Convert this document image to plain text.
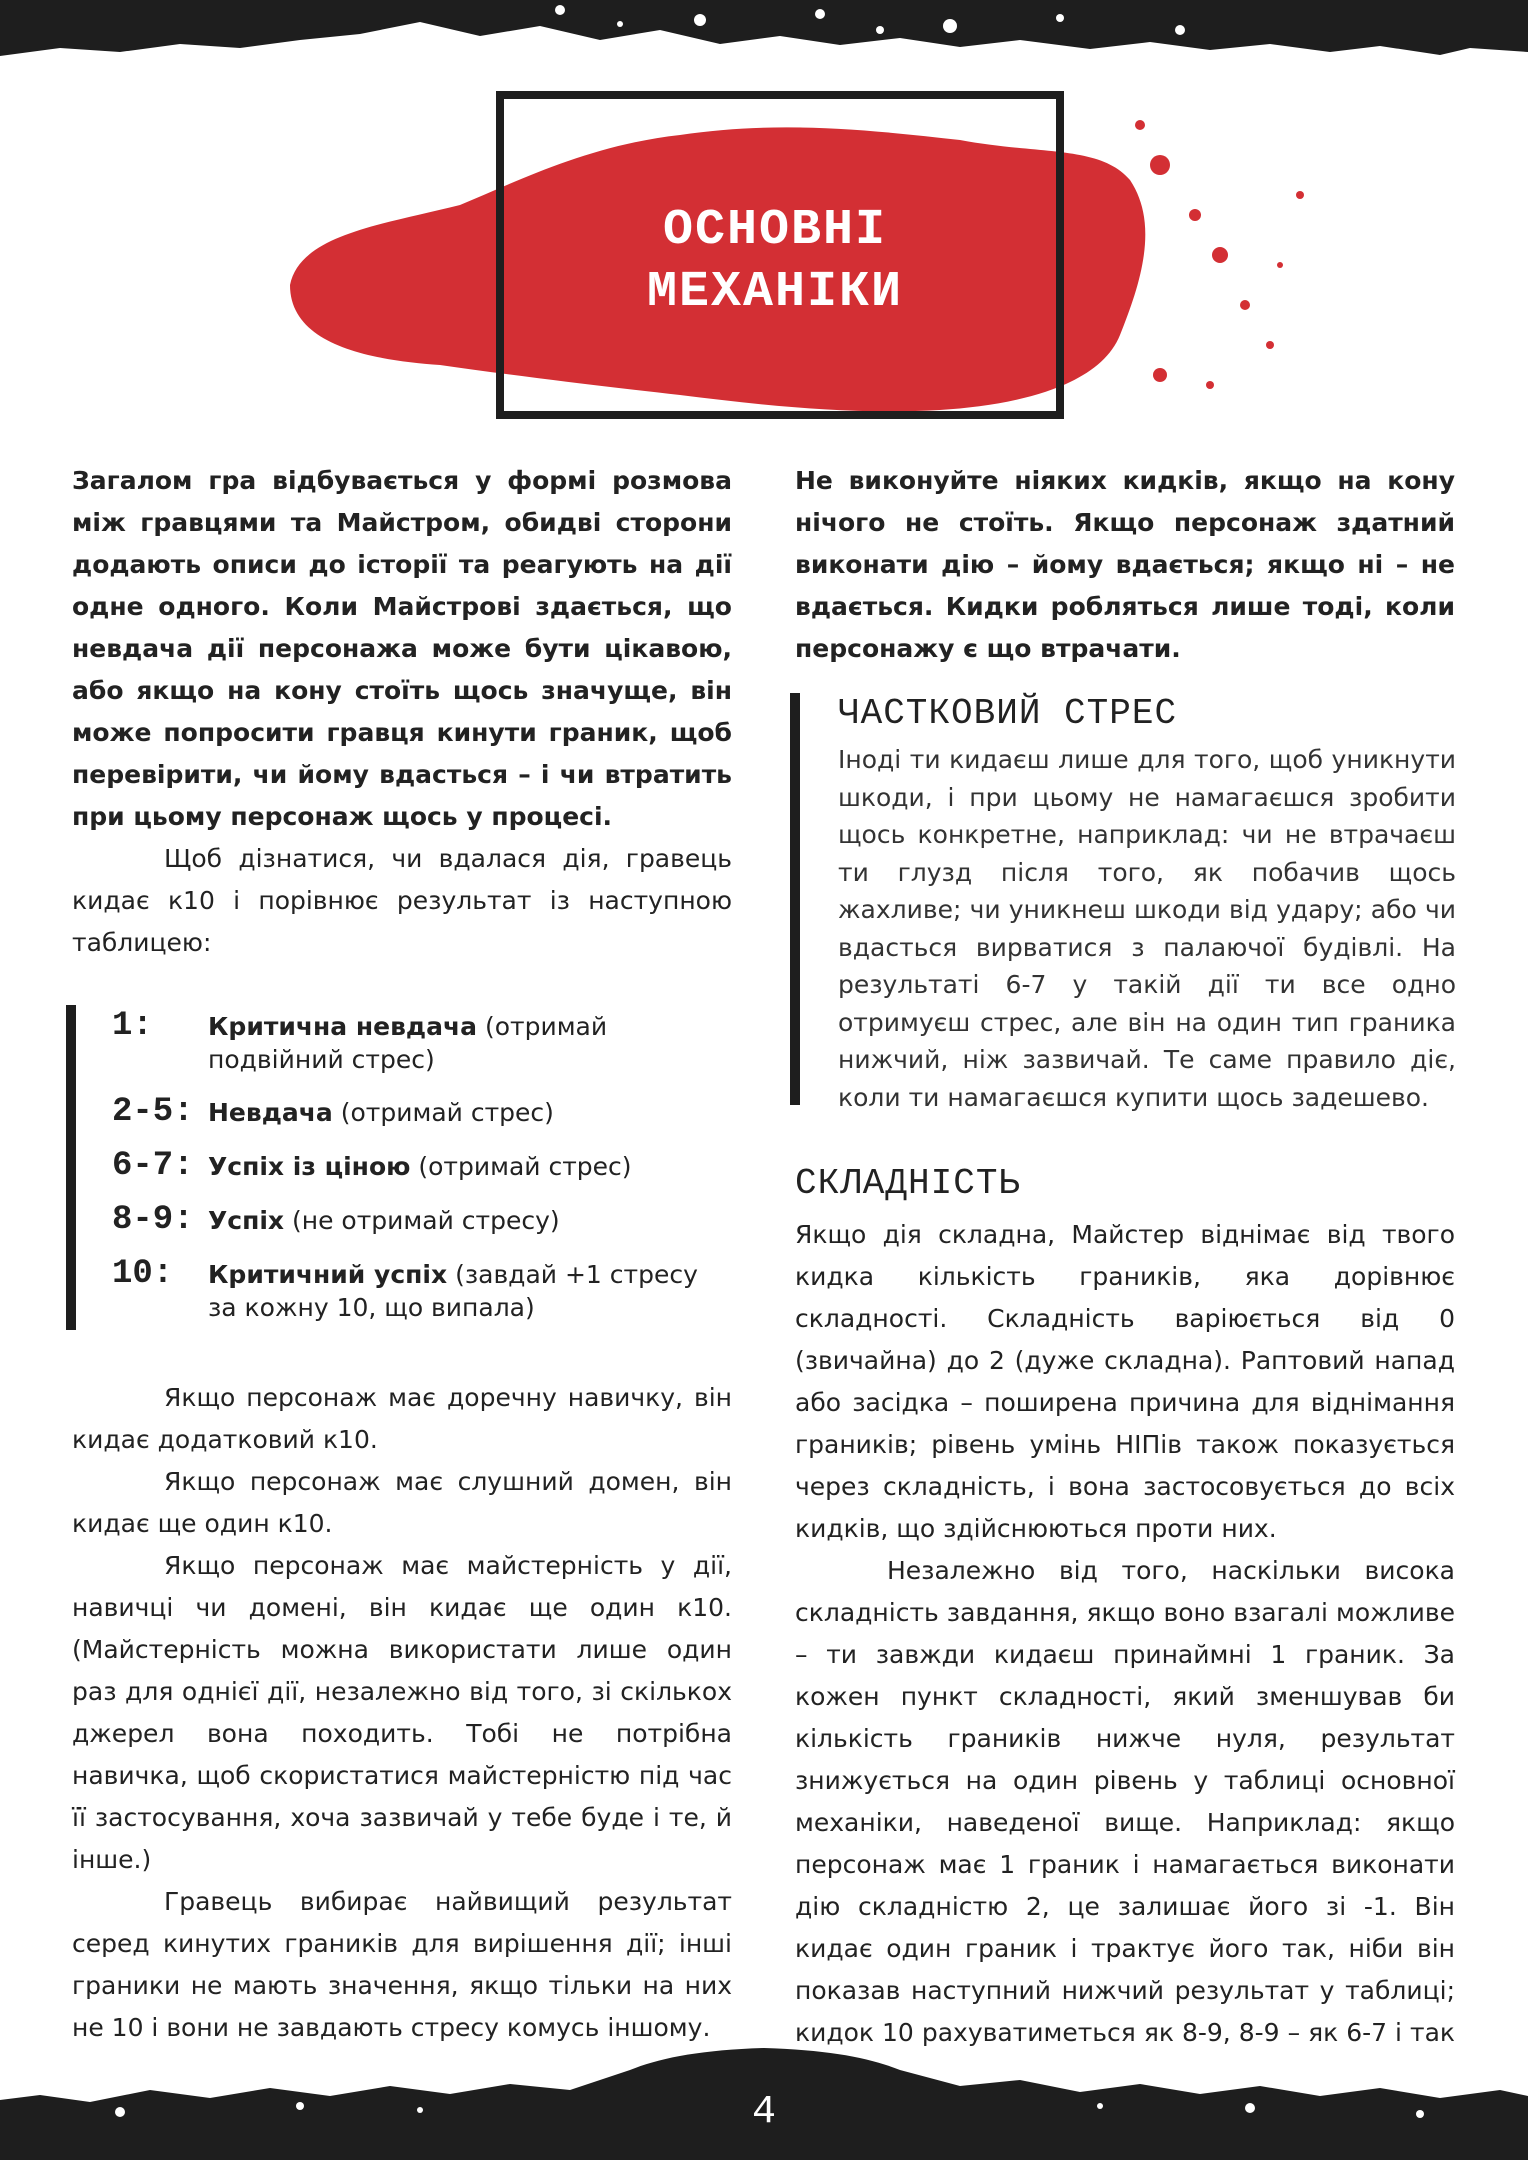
ОСНОВНІ
МЕХАНІКИ

Загалом гра відбувається у формі розмова між гравцями та Майстром, обидві сторони додають описи до історії та реагують на дії одне одного. Коли Майстрові здається, що невдача дії персонажа може бути цікавою, або якщо на кону стоїть щось значуще, він може попросити гравця кинути граник, щоб перевірити, чи йому вдасться – і чи втратить при цьому персонаж щось у процесі.

Щоб дізнатися, чи вдалася дія, гравець кидає к10 і порівнює результат із наступною таблицею:

1: Критична невдача (отримай подвійний стрес)
2-5: Невдача (отримай стрес)
6-7: Успіх із ціною (отримай стрес)
8-9: Успіх (не отримай стресу)
10: Критичний успіх (завдай +1 стресу за кожну 10, що випала)

Якщо персонаж має доречну навичку, він кидає додатковий к10.

Якщо персонаж має слушний домен, він кидає ще один к10.

Якщо персонаж має майстерність у дії, навичці чи домені, він кидає ще один к10. (Майстерність можна використати лише один раз для однієї дії, незалежно від того, зі скількох джерел вона походить. Тобі не потрібна навичка, щоб скористатися майстерністю під час її застосування, хоча зазвичай у тебе буде і те, й інше.)

Гравець вибирає найвищий результат серед кинутих граників для вирішення дії; інші граники не мають значення, якщо тільки на них не 10 і вони не завдають стресу комусь іншому.

Не виконуйте ніяких кидків, якщо на кону нічого не стоїть. Якщо персонаж здатний виконати дію – йому вдається; якщо ні – не вдається. Кидки робляться лише тоді, коли персонажу є що втрачати.

ЧАСТКОВИЙ СТРЕС
Іноді ти кидаєш лише для того, щоб уникнути шкоди, і при цьому не намагаєшся зробити щось конкретне, наприклад: чи не втрачаєш ти глузд після того, як побачив щось жахливе; чи уникнеш шкоди від удару; або чи вдасться вирватися з палаючої будівлі. На результаті 6-7 у такій дії ти все одно отримуєш стрес, але він на один тип граника нижчий, ніж зазвичай. Те саме правило діє, коли ти намагаєшся купити щось задешево.
СКЛАДНІСТЬ

Якщо дія складна, Майстер віднімає від твого кидка кількість граників, яка дорівнює складності. Складність варіюється від 0 (звичайна) до 2 (дуже складна). Раптовий напад або засідка – поширена причина для віднімання граників; рівень умінь НІПів також показується через складність, і вона застосовується до всіх кидків, що здійснюються проти них.

Незалежно від того, наскільки висока складність завдання, якщо воно взагалі можливе – ти завжди кидаєш принаймні 1 граник. За кожен пункт складності, який зменшував би кількість граників нижче нуля, результат знижується на один рівень у таблиці основної механіки, наведеної вище. Наприклад: якщо персонаж має 1 граник і намагається виконати дію складністю 2, це залишає його зі -1. Він кидає один граник і трактує його так, ніби він показав наступний нижчий результат у таблиці; кидок 10 рахуватиметься як 8-9, 8-9 – як 6-7 і так

4
